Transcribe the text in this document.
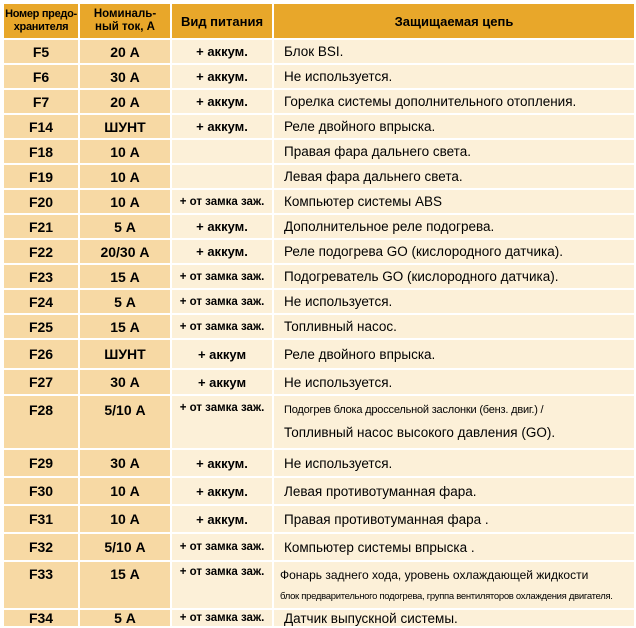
Номер предо-
хранителя	Номиналь-
ный ток, А	Вид питания	Защищаемая цепь
F5	20 А	+ аккум.	Блок BSI.
F6	30 А	+ аккум.	Не используется.
F7	20 А	+ аккум.	Горелка системы дополнительного отопления.
F14	ШУНТ	+ аккум.	Реле двойного впрыска.
F18	10 А		Правая фара дальнего света.
F19	10 А		Левая фара дальнего света.
F20	10 А	+ от замка заж.	Компьютер системы ABS
F21	5 А	+ аккум.	Дополнительное реле подогрева.
F22	20/30 А	+ аккум.	Реле подогрева GO (кислородного датчика).
F23	15 А	+ от замка заж.	Подогреватель GO (кислородного датчика).
F24	5 А	+ от замка заж.	Не используется.
F25	15 А	+ от замка заж.	Топливный насос.
F26	ШУНТ	+ аккум	Реле двойного впрыска.
F27	30 А	+ аккум	Не используется.
F28	5/10 А	+ от замка заж.	Подогрев блока дроссельной заслонки (бенз. двиг.) /
Топливный насос высокого давления (GO).

F29	30 А	+ аккум.	Не используется.
F30	10 А	+ аккум.	Левая противотуманная фара.
F31	10 А	+ аккум.	Правая противотуманная фара .
F32	5/10 А	+ от замка заж.	Компьютер системы впрыска .
F33	15 А	+ от замка заж.	Фонарь заднего хода, уровень охлаждающей жидкости
блок предварительного подогрева, группа вентиляторов охлаждения двигателя.

F34	5 А	+ от замка заж.	Датчик выпускной системы.
